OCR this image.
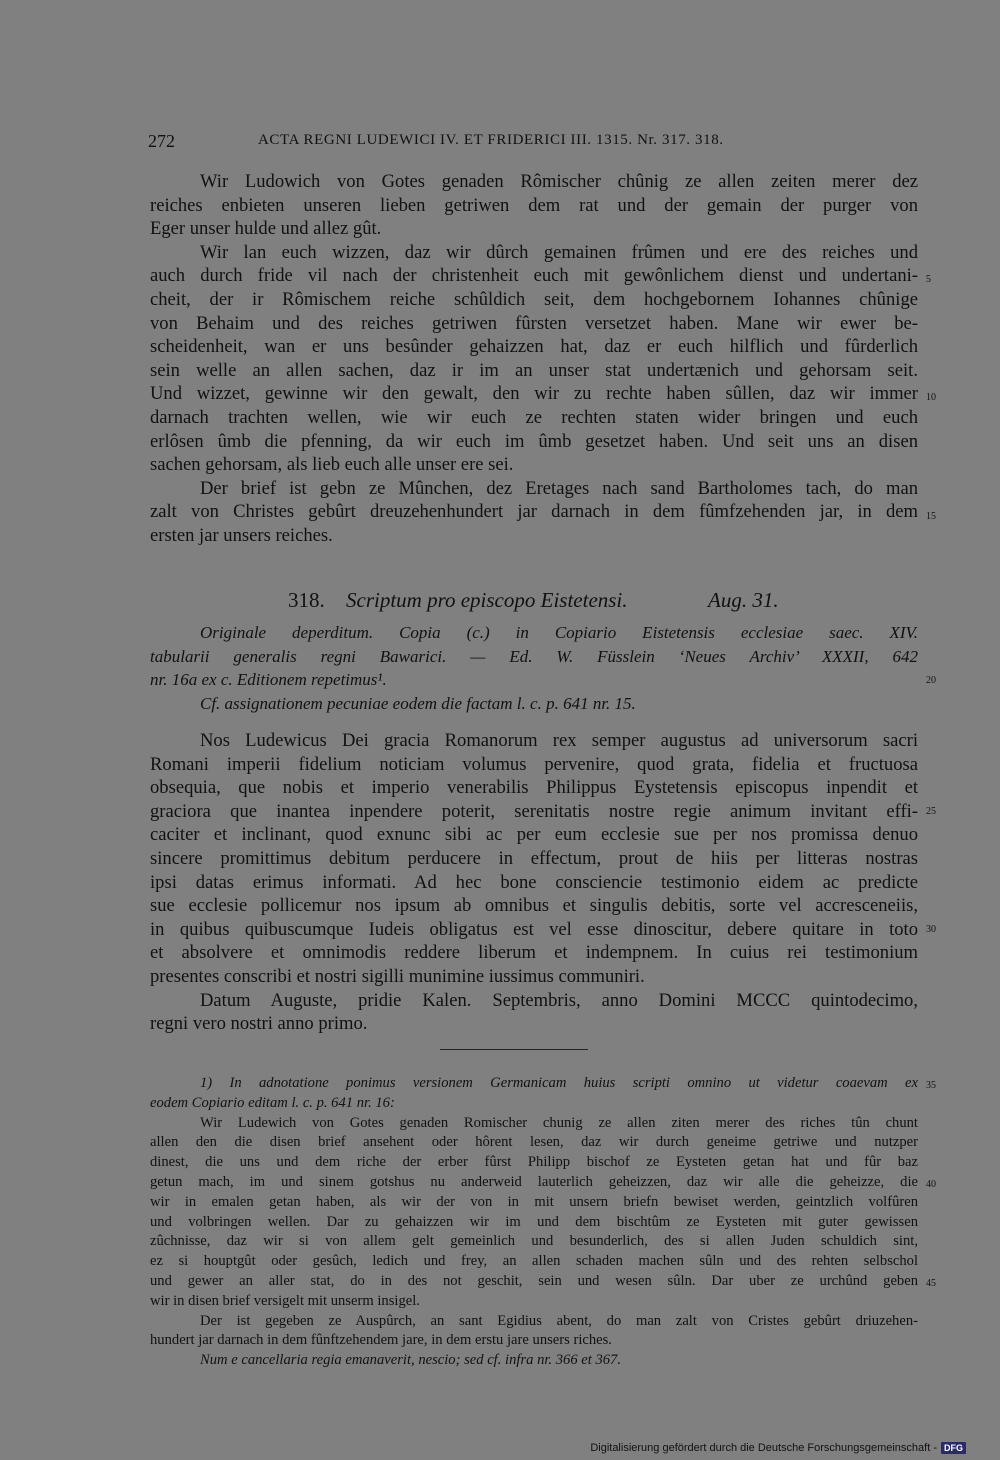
272	ACTA REGNI LUDEWICI IV. ET FRIDERICI III. 1315. Nr. 317. 318.
Wir Ludowich von Gotes genaden Rômischer chûnig ze allen zeiten merer dez
reiches enbieten unseren lieben getriwen dem rat und der gemain der purger von
Eger unser hulde und allez gût.
Wir lan euch wizzen, daz wir dûrch gemainen frûmen und ere des reiches und
auch durch fride vil nach der christenheit euch mit gewônlichem dienst und undertani-
cheit, der ir Rômischem reiche schûldich seit, dem hochgebornem Iohannes chûnige
von Behaim und des reiches getriwen fûrsten versetzet haben. Mane wir ewer be-
scheidenheit, wan er uns besûnder gehaizzen hat, daz er euch hilflich und fûrderlich
sein welle an allen sachen, daz ir im an unser stat undertænich und gehorsam seit.
Und wizzet, gewinne wir den gewalt, den wir zu rechte haben sûllen, daz wir immer
darnach trachten wellen, wie wir euch ze rechten staten wider bringen und euch
erlôsen ûmb die pfenning, da wir euch im ûmb gesetzet haben. Und seit uns an disen
sachen gehorsam, als lieb euch alle unser ere sei.
Der brief ist gebn ze Mûnchen, dez Eretages nach sand Bartholomes tach, do man
zalt von Christes gebûrt dreuzehenhundert jar darnach in dem fûmfzehenden jar, in dem
ersten jar unsers reiches.
318. Scriptum pro episcopo Eistetensi.	Aug. 31.
Originale deperditum. Copia (c.) in Copiario Eistetensis ecclesiae saec. XIV.
tabularii generalis regni Bawarici. — Ed. W. Füsslein ‘Neues Archiv’ XXXII, 642
nr. 16a ex c. Editionem repetimus¹.
Cf. assignationem pecuniae eodem die factam l. c. p. 641 nr. 15.
Nos Ludewicus Dei gracia Romanorum rex semper augustus ad universorum sacri
Romani imperii fidelium noticiam volumus pervenire, quod grata, fidelia et fructuosa
obsequia, que nobis et imperio venerabilis Philippus Eystetensis episcopus inpendit et
graciora que inantea inpendere poterit, serenitatis nostre regie animum invitant effi-
caciter et inclinant, quod exnunc sibi ac per eum ecclesie sue per nos promissa denuo
sincere promittimus debitum perducere in effectum, prout de hiis per litteras nostras
ipsi datas erimus informati. Ad hec bone consciencie testimonio eidem ac predicte
sue ecclesie pollicemur nos ipsum ab omnibus et singulis debitis, sorte vel accresceneiis,
in quibus quibuscumque Iudeis obligatus est vel esse dinoscitur, debere quitare in toto
et absolvere et omnimodis reddere liberum et indempnem. In cuius rei testimonium
presentes conscribi et nostri sigilli munimine iussimus communiri.
Datum Auguste, pridie Kalen. Septembris, anno Domini MCCC quintodecimo,
regni vero nostri anno primo.
1) In adnotatione ponimus versionem Germanicam huius scripti omnino ut videtur coaevam ex
eodem Copiario editam l. c. p. 641 nr. 16:
Wir Ludewich von Gotes genaden Romischer chunig ze allen ziten merer des riches tûn chunt
allen den die disen brief ansehent oder hôrent lesen, daz wir durch geneime getriwe und nutzper
dinest, die uns und dem riche der erber fûrst Philipp bischof ze Eysteten getan hat und fûr baz
getun mach, im und sinem gotshus nu anderweid lauterlich geheizzen, daz wir alle die geheizze, die
wir in emalen getan haben, als wir der von in mit unsern briefn bewiset werden, geintzlich volfûren
und volbringen wellen. Dar zu gehaizzen wir im und dem bischtûm ze Eysteten mit guter gewissen
zûchnisse, daz wir si von allem gelt gemeinlich und besunderlich, des si allen Juden schuldich sint,
ez si houptgût oder gesûch, ledich und frey, an allen schaden machen sûln und des rehten selbschol
und gewer an aller stat, do in des not geschit, sein und wesen sûln. Dar uber ze urchûnd geben
wir in disen brief versigelt mit unserm insigel.
Der ist gegeben ze Auspûrch, an sant Egidius abent, do man zalt von Cristes gebûrt driuzehen-
hundert jar darnach in dem fûnftzehendem jare, in dem erstu jare unsers riches.
Num e cancellaria regia emanaverit, nescio; sed cf. infra nr. 366 et 367.
5
10
15
20
25
30
35
40
45
Digitalisierung gefördert durch die Deutsche Forschungsgemeinschaft - DFG
